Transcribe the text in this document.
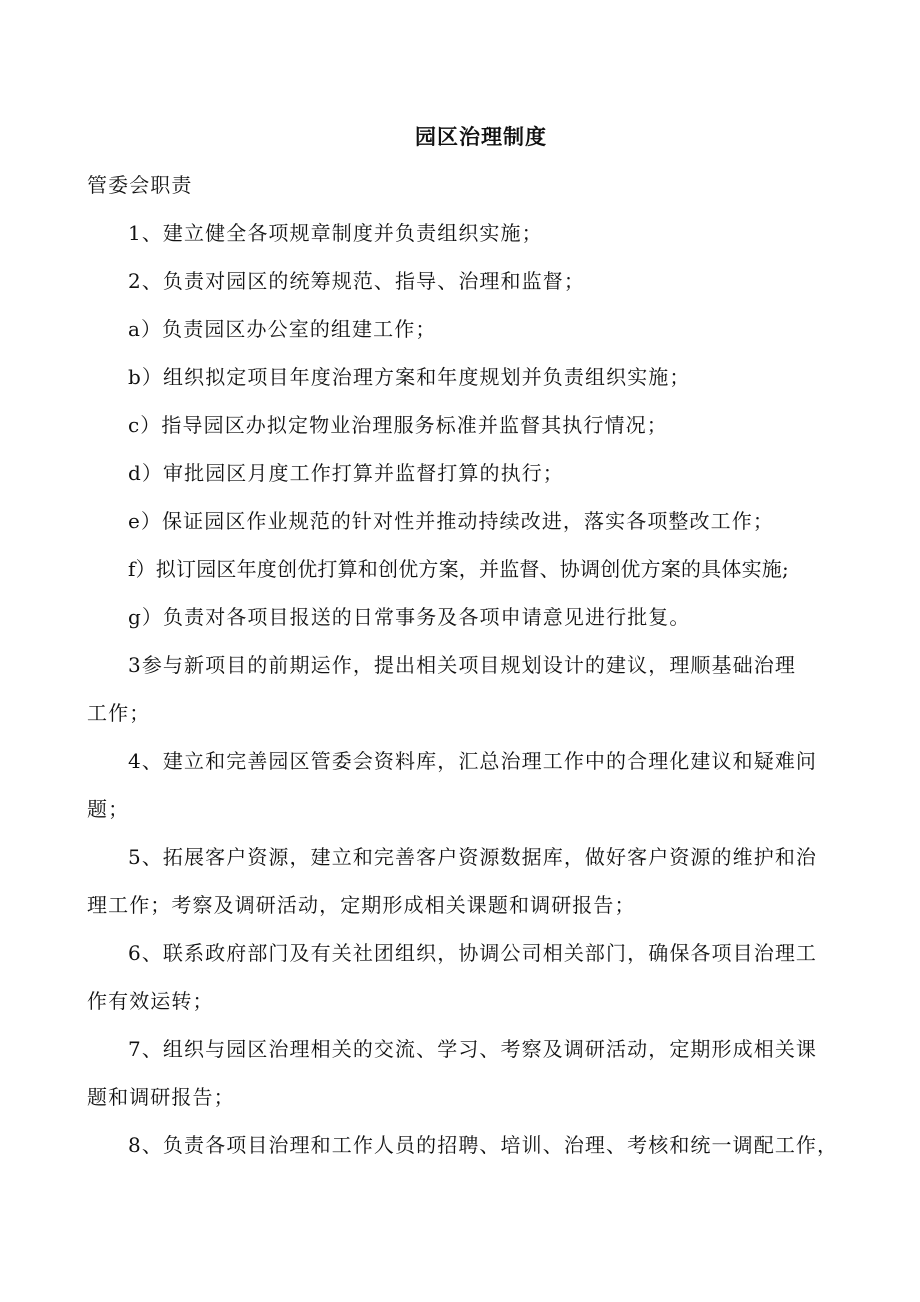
园区治理制度
管委会职责
1、建立健全各项规章制度并负责组织实施；
2、负责对园区的统筹规范、指导、治理和监督；
a）负责园区办公室的组建工作；
b）组织拟定项目年度治理方案和年度规划并负责组织实施；
c）指导园区办拟定物业治理服务标准并监督其执行情况；
d）审批园区月度工作打算并监督打算的执行；
e）保证园区作业规范的针对性并推动持续改进，落实各项整改工作；
f）拟订园区年度创优打算和创优方案，并监督、协调创优方案的具体实施;
g）负责对各项目报送的日常事务及各项申请意见进行批复。
3参与新项目的前期运作，提出相关项目规划设计的建议，理顺基础治理
工作；
4、建立和完善园区管委会资料库，汇总治理工作中的合理化建议和疑难问
题；
5、拓展客户资源，建立和完善客户资源数据库，做好客户资源的维护和治
理工作；考察及调研活动，定期形成相关课题和调研报告；
6、联系政府部门及有关社团组织，协调公司相关部门，确保各项目治理工
作有效运转；
7、组织与园区治理相关的交流、学习、考察及调研活动，定期形成相关课
题和调研报告；
8、负责各项目治理和工作人员的招聘、培训、治理、考核和统一调配工作，
